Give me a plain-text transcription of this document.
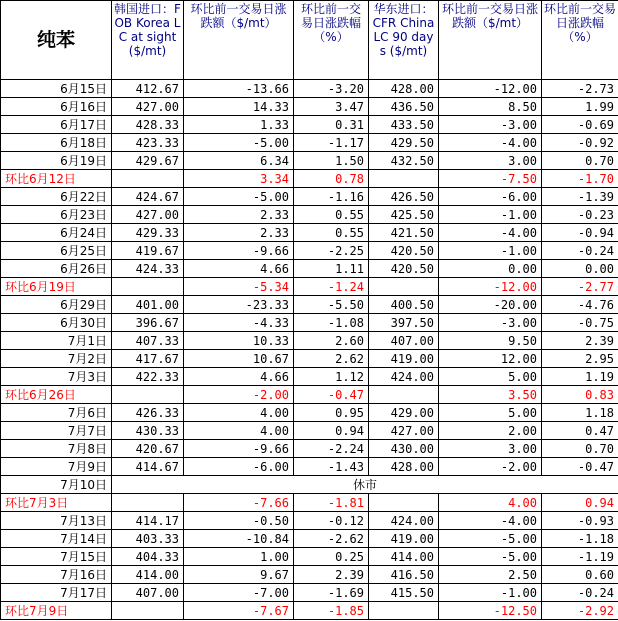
纯苯	韩国进口：FOB Korea LC at sight ($/mt)	环比前一交易日涨跌额（$/mt）	环比前一交易日涨跌幅（%）	华东进口：CFR China LC 90 days ($/mt)	环比前一交易日涨跌额（$/mt）	环比前一交易日涨跌幅（%）
6月15日	412.67	-13.66	-3.20	428.00	-12.00	-2.73
6月16日	427.00	14.33	3.47	436.50	8.50	1.99
6月17日	428.33	1.33	0.31	433.50	-3.00	-0.69
6月18日	423.33	-5.00	-1.17	429.50	-4.00	-0.92
6月19日	429.67	6.34	1.50	432.50	3.00	0.70
环比6月12日		3.34	0.78		-7.50	-1.70
6月22日	424.67	-5.00	-1.16	426.50	-6.00	-1.39
6月23日	427.00	2.33	0.55	425.50	-1.00	-0.23
6月24日	429.33	2.33	0.55	421.50	-4.00	-0.94
6月25日	419.67	-9.66	-2.25	420.50	-1.00	-0.24
6月26日	424.33	4.66	1.11	420.50	0.00	0.00
环比6月19日		-5.34	-1.24		-12.00	-2.77
6月29日	401.00	-23.33	-5.50	400.50	-20.00	-4.76
6月30日	396.67	-4.33	-1.08	397.50	-3.00	-0.75
7月1日	407.33	10.33	2.60	407.00	9.50	2.39
7月2日	417.67	10.67	2.62	419.00	12.00	2.95
7月3日	422.33	4.66	1.12	424.00	5.00	1.19
环比6月26日		-2.00	-0.47		3.50	0.83
7月6日	426.33	4.00	0.95	429.00	5.00	1.18
7月7日	430.33	4.00	0.94	427.00	2.00	0.47
7月8日	420.67	-9.66	-2.24	430.00	3.00	0.70
7月9日	414.67	-6.00	-1.43	428.00	-2.00	-0.47
7月10日	休市					
环比7月3日		-7.66	-1.81		4.00	0.94
7月13日	414.17	-0.50	-0.12	424.00	-4.00	-0.93
7月14日	403.33	-10.84	-2.62	419.00	-5.00	-1.18
7月15日	404.33	1.00	0.25	414.00	-5.00	-1.19
7月16日	414.00	9.67	2.39	416.50	2.50	0.60
7月17日	407.00	-7.00	-1.69	415.50	-1.00	-0.24
环比7月9日		-7.67	-1.85		-12.50	-2.92
